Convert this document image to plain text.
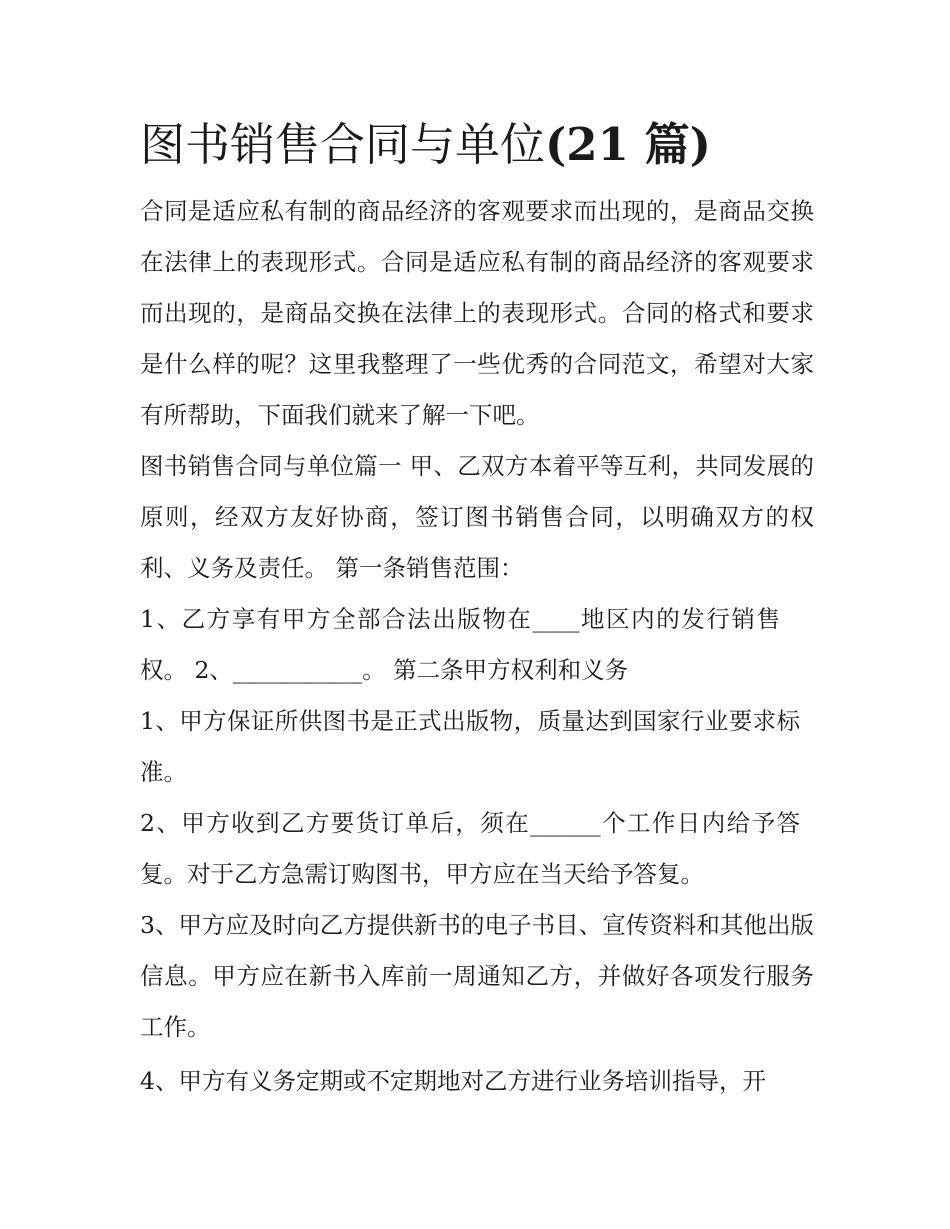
图书销售合同与单位(21 篇)

合同是适应私有制的商品经济的客观要求而出现的，是商品交换在法律上的表现形式。合同是适应私有制的商品经济的客观要求而出现的，是商品交换在法律上的表现形式。合同的格式和要求是什么样的呢？这里我整理了一些优秀的合同范文，希望对大家有所帮助，下面我们就来了解一下吧。

图书销售合同与单位篇一 甲、乙双方本着平等互利，共同发展的原则，经双方友好协商，签订图书销售合同，以明确双方的权利、义务及责任。 第一条销售范围：

1、乙方享有甲方全部合法出版物在____地区内的发行销售权。 2、___________。 第二条甲方权利和义务

1、甲方保证所供图书是正式出版物，质量达到国家行业要求标准。

2、甲方收到乙方要货订单后，须在______个工作日内给予答复。对于乙方急需订购图书，甲方应在当天给予答复。

3、甲方应及时向乙方提供新书的电子书目、宣传资料和其他出版信息。甲方应在新书入库前一周通知乙方，并做好各项发行服务工作。

4、甲方有义务定期或不定期地对乙方进行业务培训指导，开
